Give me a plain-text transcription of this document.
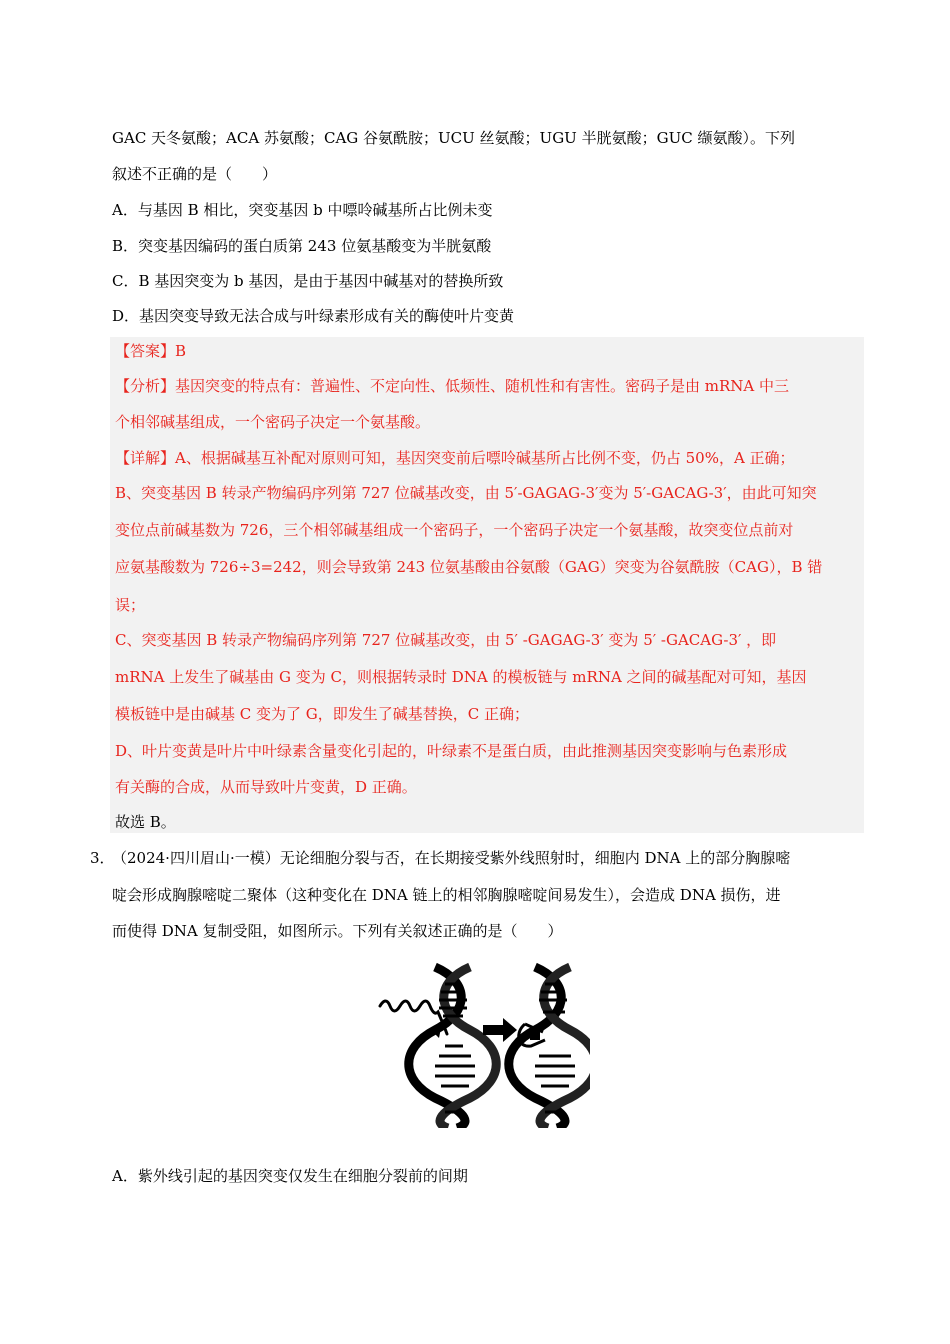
GAC 天冬氨酸；ACA 苏氨酸；CAG 谷氨酰胺；UCU 丝氨酸；UGU 半胱氨酸；GUC 缬氨酸）。下列
叙述不正确的是（　　）
A．与基因 B 相比，突变基因 b 中嘌呤碱基所占比例未变
B．突变基因编码的蛋白质第 243 位氨基酸变为半胱氨酸
C．B 基因突变为 b 基因，是由于基因中碱基对的替换所致
D．基因突变导致无法合成与叶绿素形成有关的酶使叶片变黄
【答案】B
【分析】基因突变的特点有：普遍性、不定向性、低频性、随机性和有害性。密码子是由 mRNA 中三
个相邻碱基组成，一个密码子决定一个氨基酸。
【详解】A、根据碱基互补配对原则可知，基因突变前后嘌呤碱基所占比例不变，仍占 50%，A 正确；
B、突变基因 B 转录产物编码序列第 727 位碱基改变，由 5′-GAGAG-3′变为 5′-GACAG-3′，由此可知突
变位点前碱基数为 726，三个相邻碱基组成一个密码子，一个密码子决定一个氨基酸，故突变位点前对
应氨基酸数为 726÷3=242，则会导致第 243 位氨基酸由谷氨酸（GAG）突变为谷氨酰胺（CAG），B 错
误；
C、突变基因 B 转录产物编码序列第 727 位碱基改变，由 5′ -GAGAG-3′ 变为 5′ -GACAG-3′ ，即
mRNA 上发生了碱基由 G 变为 C，则根据转录时 DNA 的模板链与 mRNA 之间的碱基配对可知，基因
模板链中是由碱基 C 变为了 G，即发生了碱基替换，C 正确；
D、叶片变黄是叶片中叶绿素含量变化引起的，叶绿素不是蛋白质，由此推测基因突变影响与色素形成
有关酶的合成，从而导致叶片变黄，D 正确。
故选 B。
3．
（2024·四川眉山·一模）无论细胞分裂与否，在长期接受紫外线照射时，细胞内 DNA 上的部分胸腺嘧
啶会形成胸腺嘧啶二聚体（这种变化在 DNA 链上的相邻胸腺嘧啶间易发生），会造成 DNA 损伤，进
而使得 DNA 复制受阻，如图所示。下列有关叙述正确的是（　　）
A．紫外线引起的基因突变仅发生在细胞分裂前的间期
